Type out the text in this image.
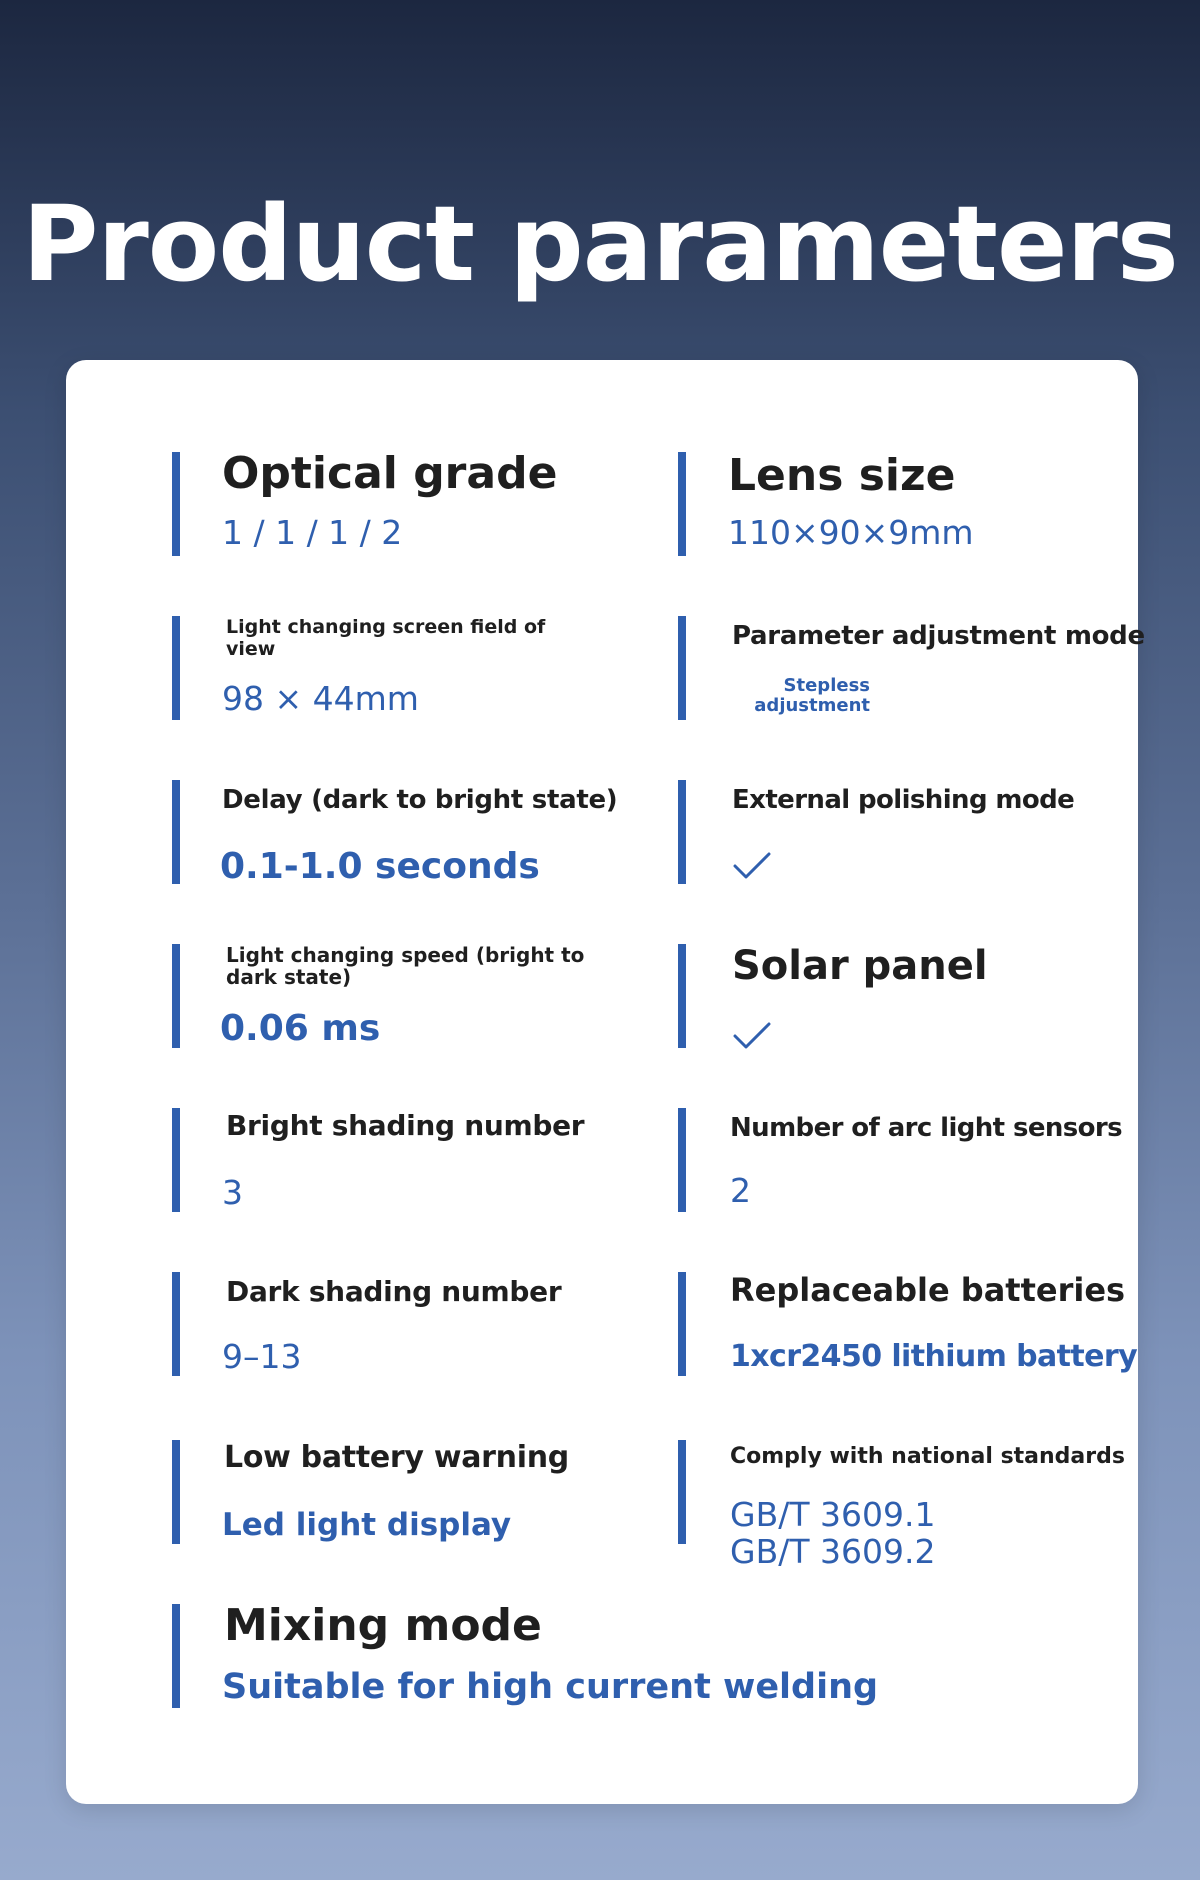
Product parameters
Optical grade
1 / 1 / 1 / 2
Lens size
110×90×9mm
Light changing screen field of view
98 × 44mm
Parameter adjustment mode
Stepless adjustment
Delay (dark to bright state)
0.1-1.0 seconds
External polishing mode
Light changing speed (bright to dark state)
0.06 ms
Solar panel
Bright shading number
3
Number of arc light sensors
2
Dark shading number
9–13
Replaceable batteries
1xcr2450 lithium battery
Low battery warning
Led light display
Comply with national standards
GB/T 3609.1
GB/T 3609.2
Mixing mode
Suitable for high current welding
